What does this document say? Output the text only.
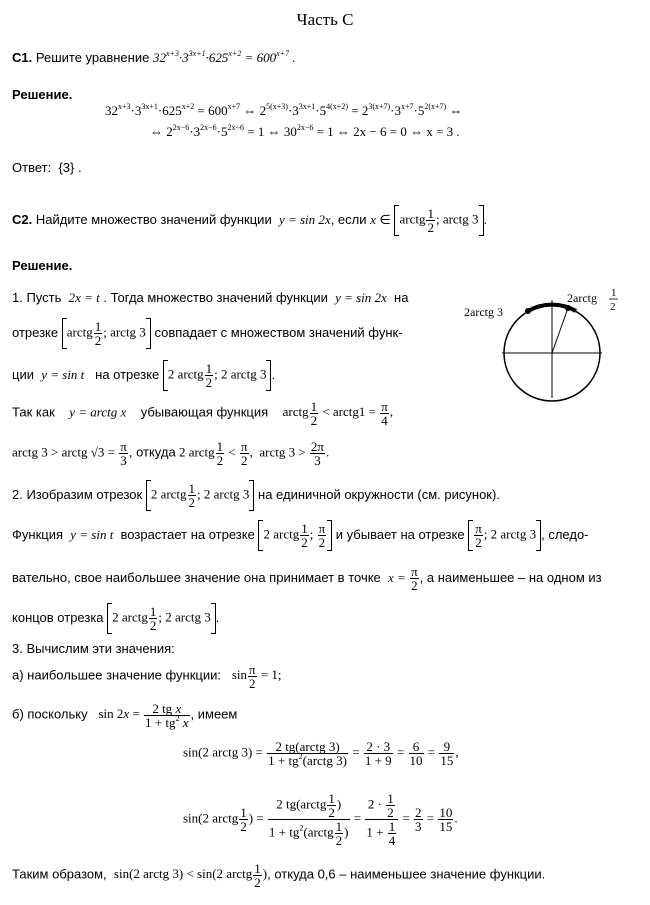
Часть С
С1. Решите уравнение $32^{x+3}\cdot 3^{3x+1}\cdot 625^{x+2} = 600^{x+7}$ .
Решение.
$32^{x+3}\cdot 3^{3x+1}\cdot 625^{x+2} = 600^{x+7}$ ⇔ $2^{5(x+3)}\cdot 3^{3x+1}\cdot 5^{4(x+2)} = 2^{3(x+7)}\cdot 3^{x+7}\cdot 5^{2(x+7)}$ ⇔
⇔ $2^{2x-6}\cdot 3^{2x-6}\cdot 5^{2x-6} = 1$ ⇔ $30^{2x-6} = 1$ ⇔ 2x − 6 = 0 ⇔ x = 3 .
Ответ: {3} .
С2. Найдите множество значений функции y = sin 2x, если x ∈ arctg $\frac{1}{2}$ ; arctg 3 .
Решение.
2arctg 3
2arctg 1
2
1. Пусть 2x = t . Тогда множество значений функции y = sin 2x на
отрезке arctg $\frac{1}{2}$ ; arctg 3 совпадает с множеством значений функ-
ции y = sin t на отрезке 2 arctg $\frac{1}{2}$ ; 2 arctg 3 .
Так как y = arctg x убывающая функция arctg $\frac{1}{2}$ < arctg1 = $\frac{\pi}{4}$ ,
arctg 3 > arctg $√3 = \frac{\pi}{3}$ , откуда 2 arctg $\frac{1}{2} < \frac{\pi}{2}$ ,  arctg $3 > \frac{2\pi}{3}$ .
2. Изобразим отрезок 2 arctg $\frac{1}{2}$ ; 2 arctg 3 на единичной окружности (см. рисунок).
Функция y = sin t возрастает на отрезке 2 arctg $\frac{1}{2}$ ; $\frac{\pi}{2}$ и убывает на отрезке $\frac{\pi}{2}$ ; 2 arctg 3 , следо-
вательно, свое наибольшее значение она принимает в точке $x = \frac{\pi}{2}$ , а наименьшее – на одном из
концов отрезка 2 arctg $\frac{1}{2}$ ; 2 arctg 3 .
3. Вычислим эти значения:
а) наибольшее значение функции: $\sin \frac{\pi}{2} = 1$;
б) поскольку $\sin 2x = \frac{\text{2 tg x}}{1 + tg^2 x}$ , имеем
sin(2 arctg $3) = \frac{\text{2 tg(arctg 3)}}{1 + tg^2(arctg 3)} = \frac{2 \cdot 3}{1 + 9} = \frac{6}{10} = \frac{9}{15}$ ,
sin(2 arctg $\frac{1}{2}$ ) = $\frac{2 tg(arctg \frac{1}{2} )}{1 + tg^2(arctg \frac{1}{2} )} = \frac{2 \cdot \frac{1}{2}}{1 + \frac{1}{4}} = \frac{2}{3} = \frac{10}{15}$ .
Таким образом, sin(2 arctg 3) < sin(2 arctg $\frac{1}{2}$ ), откуда 0,6 – наименьшее значение функции.
